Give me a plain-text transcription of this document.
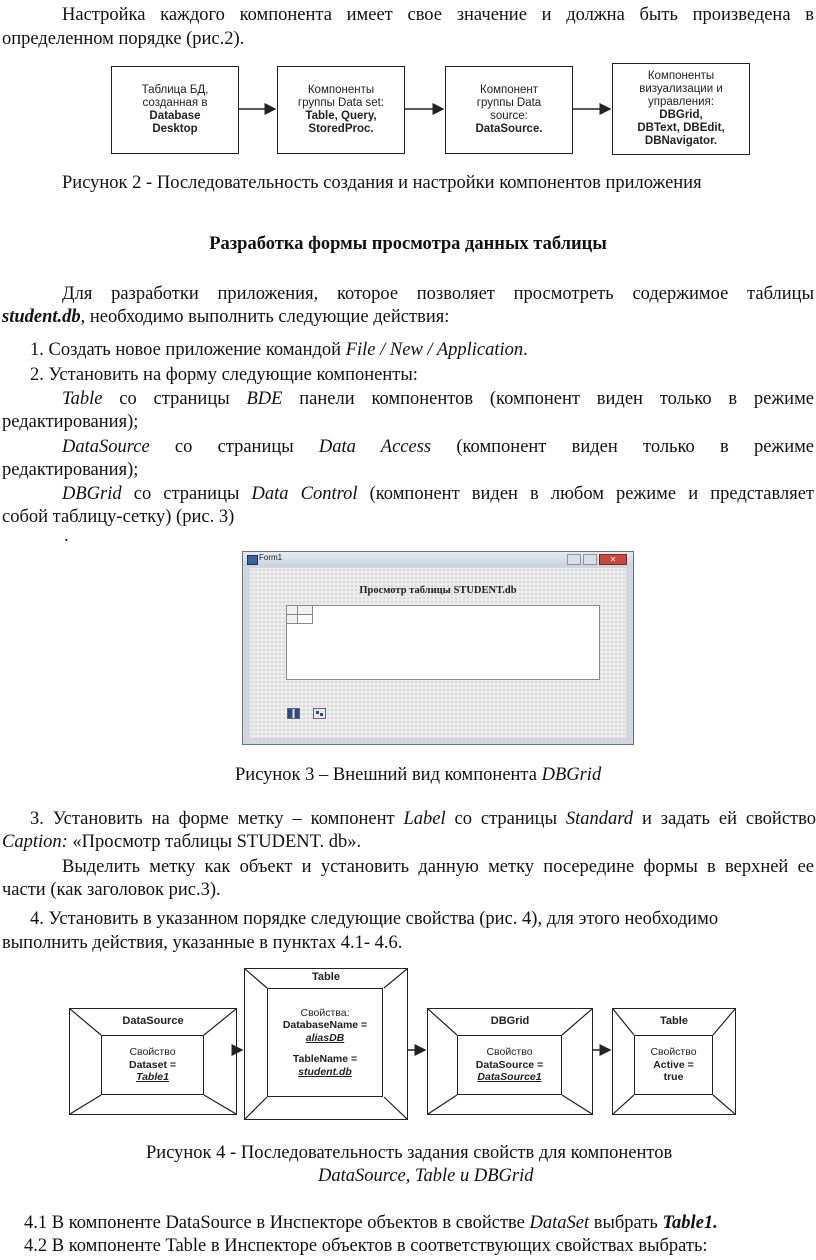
Настройка каждого компонента имеет свое значение и должна быть произведена в
определенном порядке (рис.2).
Таблица БД,
созданная в
Database
Desktop
Компоненты
группы Data set:
Table, Query,
StoredProc.
Компонент
группы Data
source:
DataSource.
Компоненты
визуализации и
управления:
DBGrid,
DBText, DBEdit,
DBNavigator.
Рисунок 2 - Последовательность создания и настройки компонентов приложения
Разработка формы просмотра данных таблицы
Для разработки приложения, которое позволяет просмотреть содержимое таблицы
student.db, необходимо выполнить следующие действия:
1. Создать новое приложение командой File / New / Application.
2. Установить на форму следующие компоненты:
Table со страницы BDE панели компонентов (компонент виден только в режиме
редактирования);
DataSource со страницы Data Access (компонент виден только в режиме
редактирования);
DBGrid со страницы Data Control (компонент виден в любом режиме и представляет
собой таблицу-сетку) (рис. 3)
.
Form1	✕
Просмотр таблицы STUDENT.db
Рисунок 3 – Внешний вид компонента DBGrid
3. Установить на форме метку – компонент Label со страницы Standard и задать ей свойство
Caption: «Просмотр таблицы STUDENT. db».
Выделить метку как объект и установить данную метку посередине формы в верхней ее
части (как заголовок рис.3).
4. Установить в указанном порядке следующие свойства (рис. 4), для этого необходимо
выполнить действия, указанные в пунктах 4.1- 4.6.
DataSource
Свойство
Dataset =
Table1
Table
Свойства:
DatabaseName =
aliasDB
TableName =
student.db
DBGrid
Свойство
DataSource =
DataSource1
Table
Свойство
Active =
true
Рисунок 4 - Последовательность задания свойств для компонентов
DataSource, Table и DBGrid
4.1 В компоненте DataSource в Инспекторе объектов в свойстве DataSet выбрать Table1.
4.2 В компоненте Table в Инспекторе объектов в соответствующих свойствах выбрать:
